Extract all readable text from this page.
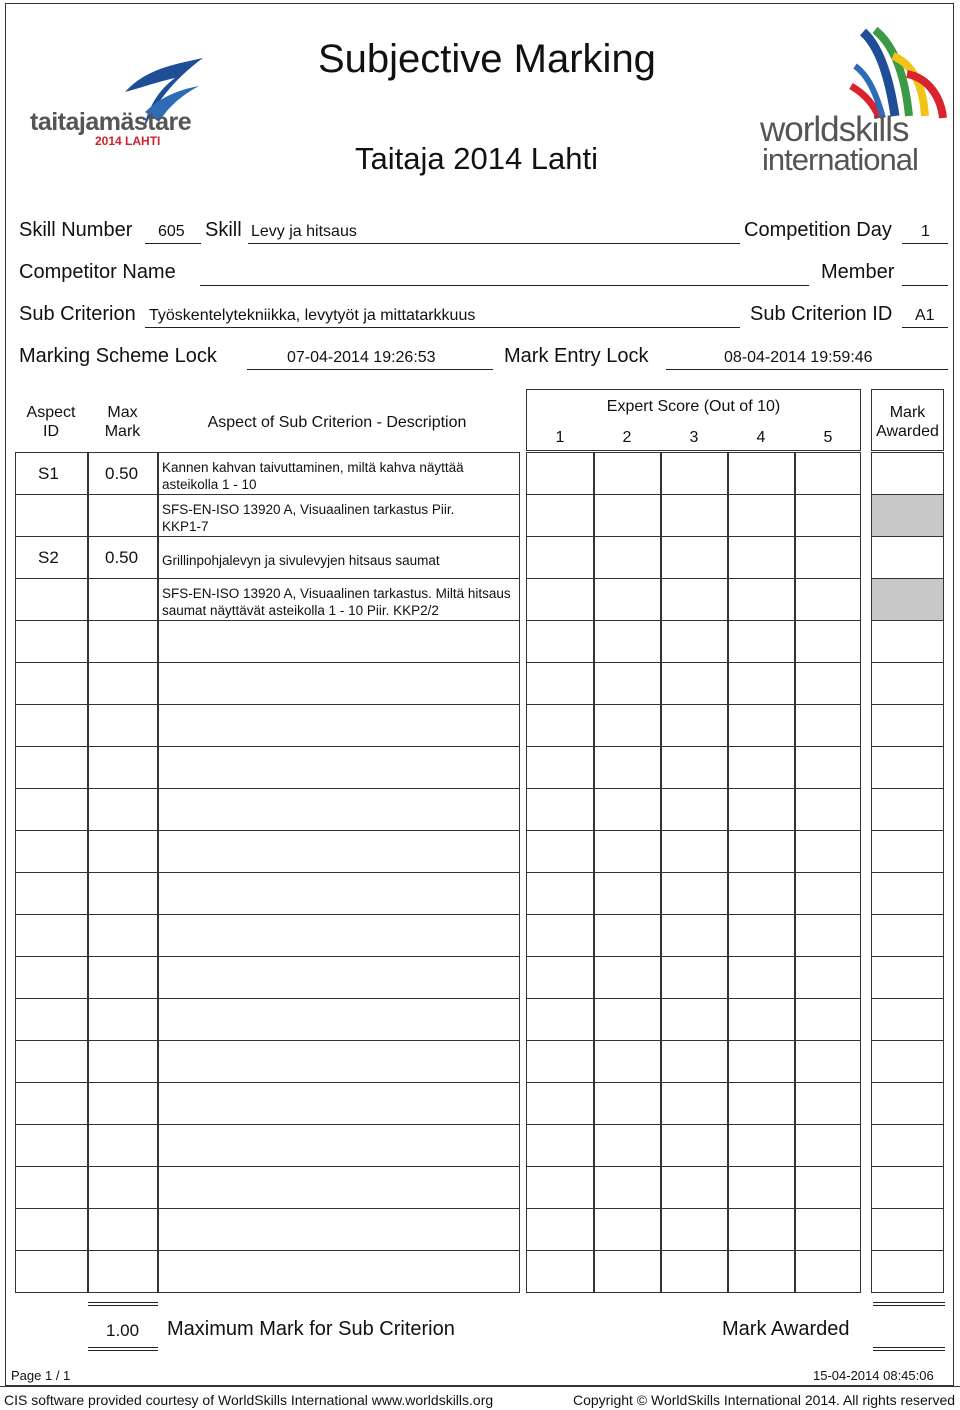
taitajamästare
2014 LAHTI	worldskills
international
Subjective Marking
Taitaja 2014 Lahti
Skill Number 605 Skill Levy ja hitsaus	Competition Day 1
Competitor Name	Member
Sub Criterion Työskentelytekniikka, levytyöt ja mittatarkkuus	Sub Criterion ID A1
Marking Scheme Lock	07-04-2014 19:26:53	Mark Entry Lock	08-04-2014 19:59:46
Aspect ID
Max Mark
Aspect of Sub Criterion - Description
Expert Score (Out of 10)
1	2	3	4	5
Mark Awarded
S1	0.50 Kannen kahvan taivuttaminen, miltä kahva näyttää asteikolla 1 - 10
SFS-EN-ISO 13920 A, Visuaalinen tarkastus Piir. KKP1-7
S2	0.50 Grillinpohjalevyn ja sivulevyjen hitsaus saumat
SFS-EN-ISO 13920 A, Visuaalinen tarkastus. Miltä hitsaus saumat näyttävät asteikolla 1 - 10 Piir. KKP2/2
1.00 Maximum Mark for Sub Criterion	Mark Awarded
Page 1 / 1	15-04-2014 08:45:06
CIS software provided courtesy of WorldSkills International www.worldskills.org	Copyright © WorldSkills International 2014. All rights reserved
